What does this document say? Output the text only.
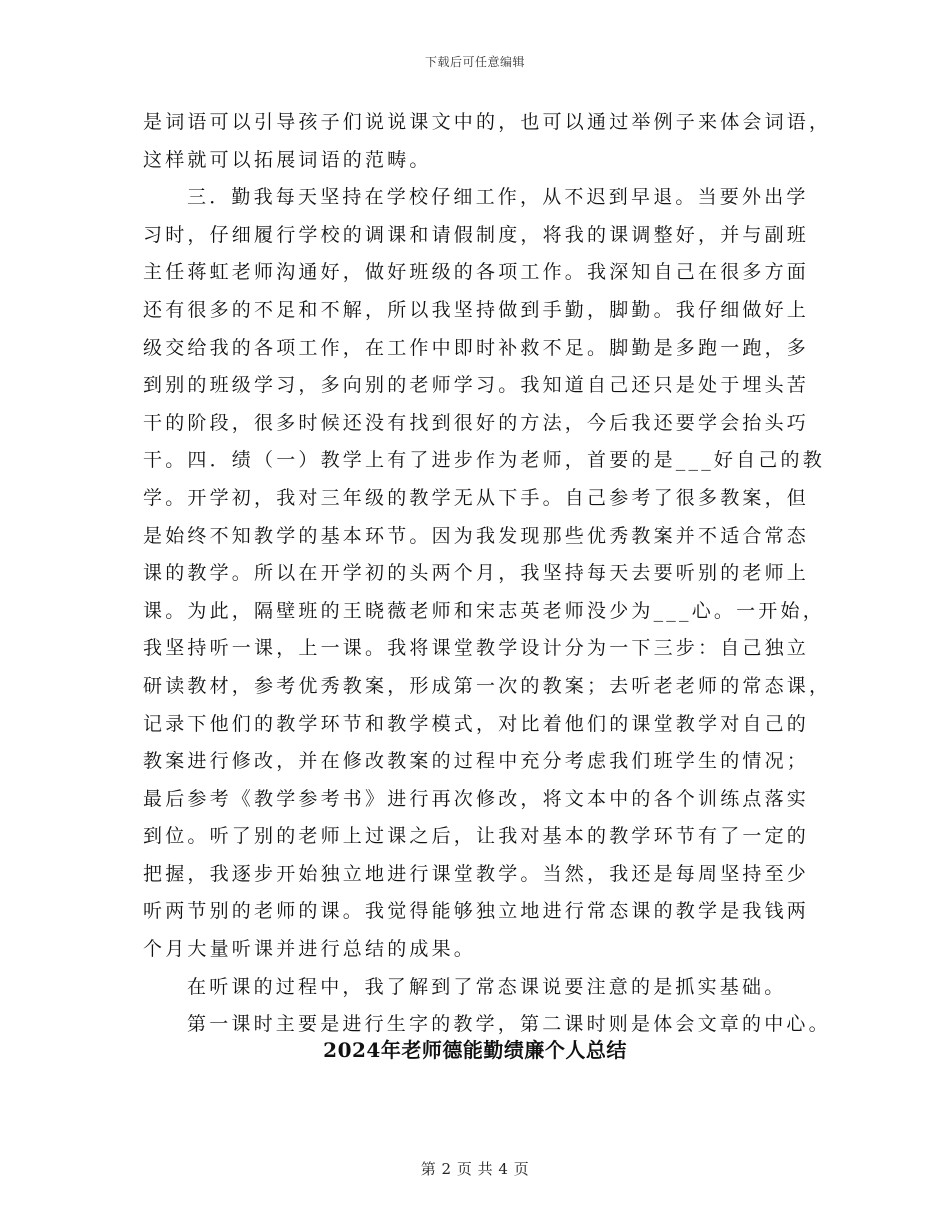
下载后可任意编辑
是词语可以引导孩子们说说课文中的，也可以通过举例子来体会词语，
这样就可以拓展词语的范畴。
三．勤我每天坚持在学校仔细工作，从不迟到早退。当要外出学
习时，仔细履行学校的调课和请假制度，将我的课调整好，并与副班
主任蒋虹老师沟通好，做好班级的各项工作。我深知自己在很多方面
还有很多的不足和不解，所以我坚持做到手勤，脚勤。我仔细做好上
级交给我的各项工作，在工作中即时补救不足。脚勤是多跑一跑，多
到别的班级学习，多向别的老师学习。我知道自己还只是处于埋头苦
干的阶段，很多时候还没有找到很好的方法，今后我还要学会抬头巧
干。四．绩（一）教学上有了进步作为老师，首要的是___好自己的教
学。开学初，我对三年级的教学无从下手。自己参考了很多教案，但
是始终不知教学的基本环节。因为我发现那些优秀教案并不适合常态
课的教学。所以在开学初的头两个月，我坚持每天去要听别的老师上
课。为此，隔壁班的王晓薇老师和宋志英老师没少为___心。一开始，
我坚持听一课，上一课。我将课堂教学设计分为一下三步：自己独立
研读教材，参考优秀教案，形成第一次的教案；去听老老师的常态课，
记录下他们的教学环节和教学模式，对比着他们的课堂教学对自己的
教案进行修改，并在修改教案的过程中充分考虑我们班学生的情况；
最后参考《教学参考书》进行再次修改，将文本中的各个训练点落实
到位。听了别的老师上过课之后，让我对基本的教学环节有了一定的
把握，我逐步开始独立地进行课堂教学。当然，我还是每周坚持至少
听两节别的老师的课。我觉得能够独立地进行常态课的教学是我钱两
个月大量听课并进行总结的成果。
在听课的过程中，我了解到了常态课说要注意的是抓实基础。
第一课时主要是进行生字的教学，第二课时则是体会文章的中心。
2024年老师德能勤绩廉个人总结
第 2 页 共 4 页
